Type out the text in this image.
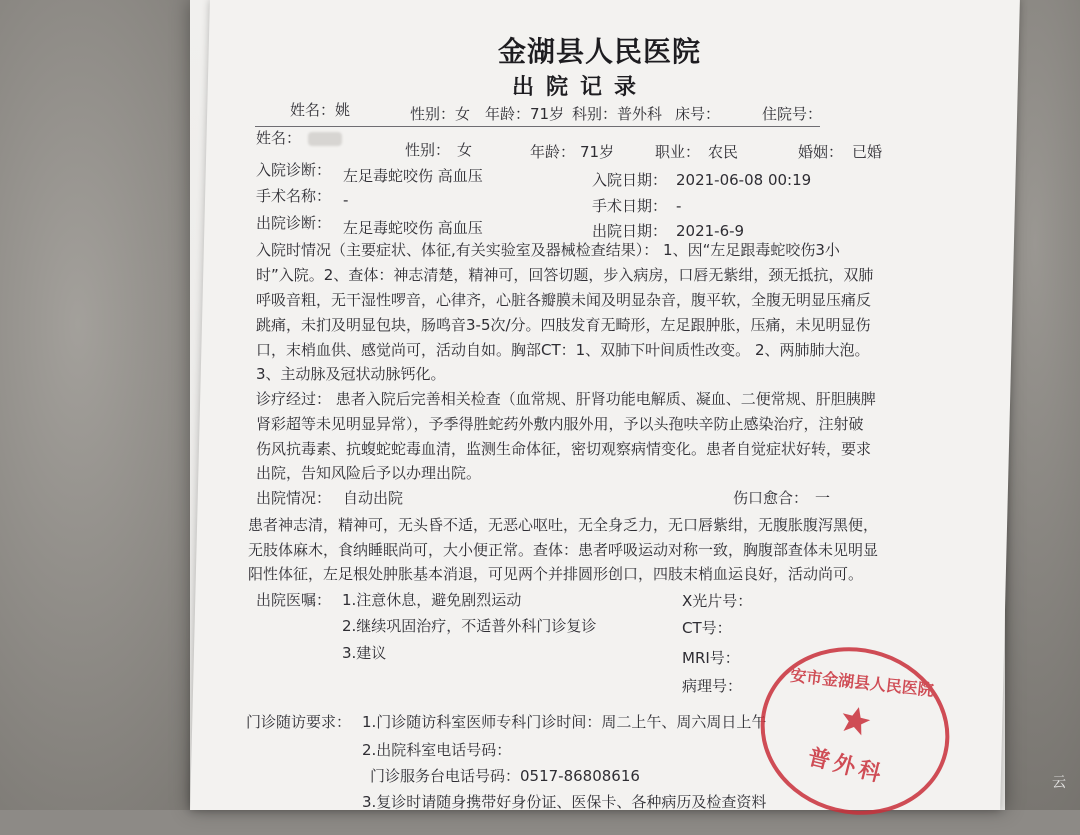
金湖县人民医院
出院记录
姓名：姚	性别：女 年龄：71岁 科别：普外科 床号：	住院号：
姓名：
性别： 女	年龄： 71岁	职业： 农民	婚姻： 已婚
入院诊断： 左足毒蛇咬伤 高血压	入院日期： 2021-06-08 00:19
手术名称： -	手术日期： -
出院诊断： 左足毒蛇咬伤 高血压	出院日期： 2021-6-9
入院时情况（主要症状、体征,有关实验室及器械检查结果）： 1、因“左足跟毒蛇咬伤3小
时”入院。2、查体：神志清楚，精神可，回答切题，步入病房，口唇无紫绀，颈无抵抗，双肺
呼吸音粗，无干湿性啰音，心律齐，心脏各瓣膜未闻及明显杂音，腹平软，全腹无明显压痛反
跳痛，未扪及明显包块，肠鸣音3-5次/分。四肢发育无畸形，左足跟肿胀，压痛，未见明显伤
口，末梢血供、感觉尚可，活动自如。胸部CT：1、双肺下叶间质性改变。 2、两肺肺大泡。
3、主动脉及冠状动脉钙化。
诊疗经过： 患者入院后完善相关检查（血常规、肝肾功能电解质、凝血、二便常规、肝胆胰脾
肾彩超等未见明显异常），予季得胜蛇药外敷内服外用，予以头孢呋辛防止感染治疗，注射破
伤风抗毒素、抗蝮蛇蛇毒血清，监测生命体征，密切观察病情变化。患者自觉症状好转，要求
出院，告知风险后予以办理出院。
出院情况： 自动出院	伤口愈合： 一
患者神志清，精神可，无头昏不适，无恶心呕吐，无全身乏力，无口唇紫绀，无腹胀腹泻黑便，
无肢体麻木，食纳睡眠尚可，大小便正常。查体：患者呼吸运动对称一致，胸腹部查体未见明显
阳性体征，左足根处肿胀基本消退，可见两个并排圆形创口，四肢末梢血运良好，活动尚可。
出院医嘱： 1.注意休息，避免剧烈运动
2.继续巩固治疗，不适普外科门诊复诊
3.建议
X光片号：
CT号：
MRI号：
病理号：
门诊随访要求： 1.门诊随访科室医师专科门诊时间：周二上午、周六周日上午
2.出院科室电话号码：
门诊服务台电话号码：0517-86808616
3.复诊时请随身携带好身份证、医保卡、各种病历及检查资料
安市金湖县人民医院
普外科	云
